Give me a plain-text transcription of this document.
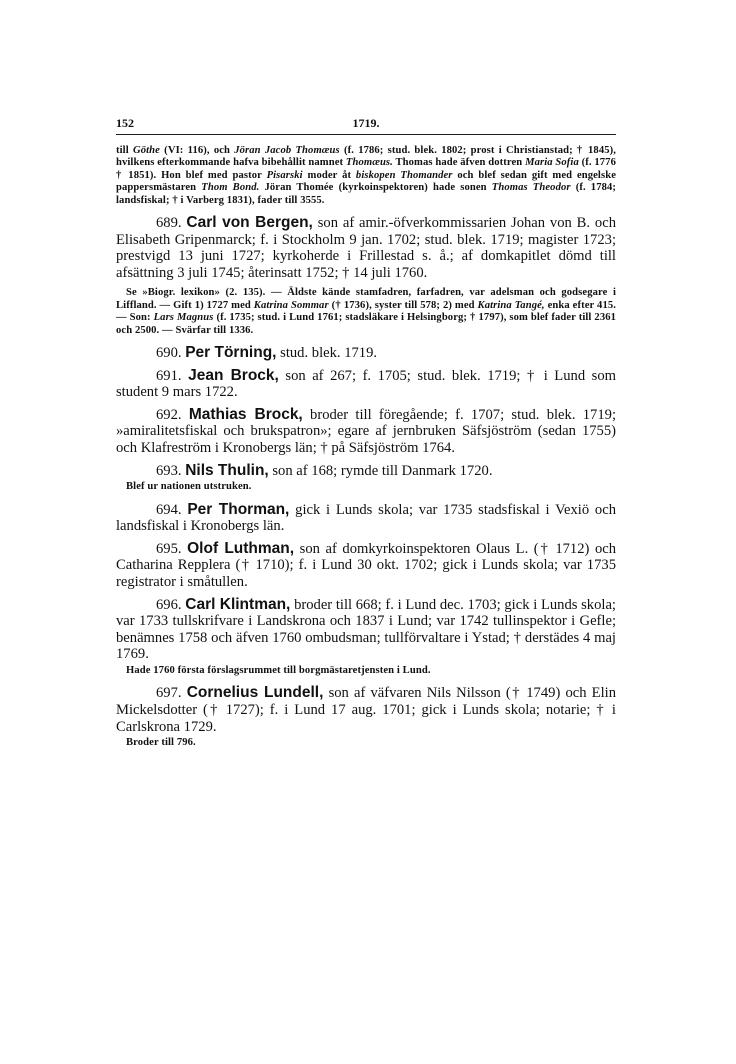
152	1719.

till Göthe (VI: 116), och Jöran Jacob Thomæus (f. 1786; stud. blek. 1802; prost i Christianstad; † 1845), hvilkens efterkommande hafva bibehållit namnet Thomæus. Thomas hade äfven dottren Maria Sofia (f. 1776 † 1851). Hon blef med pastor Pisarski moder åt biskopen Thomander och blef sedan gift med engelske pappersmästaren Thom Bond. Jöran Thomée (kyrkoinspektoren) hade sonen Thomas Theodor (f. 1784; landsfiskal; † i Varberg 1831), fader till 3555.

689. Carl von Bergen, son af amir.-öfverkommissarien Johan von B. och Elisabeth Gripenmarck; f. i Stockholm 9 jan. 1702; stud. blek. 1719; magister 1723; prestvigd 13 juni 1727; kyrkoherde i Frillestad s. å.; af domkapitlet dömd till afsättning 3 juli 1745; återinsatt 1752; † 14 juli 1760.

Se »Biogr. lexikon» (2. 135). — Äldste kände stamfadren, farfadren, var adelsman och godsegare i Liffland. — Gift 1) 1727 med Katrina Sommar († 1736), syster till 578; 2) med Katrina Tangé, enka efter 415. — Son: Lars Magnus (f. 1735; stud. i Lund 1761; stadsläkare i Helsingborg; † 1797), som blef fader till 2361 och 2500. — Svärfar till 1336.

690. Per Törning, stud. blek. 1719.

691. Jean Brock, son af 267; f. 1705; stud. blek. 1719; † i Lund som student 9 mars 1722.

692. Mathias Brock, broder till föregående; f. 1707; stud. blek. 1719; »amiralitetsfiskal och brukspatron»; egare af jernbruken Säfsjöström (sedan 1755) och Klafreström i Kronobergs län; † på Säfsjöström 1764.

693. Nils Thulin, son af 168; rymde till Danmark 1720.

Blef ur nationen utstruken.

694. Per Thorman, gick i Lunds skola; var 1735 stadsfiskal i Vexiö och landsfiskal i Kronobergs län.

695. Olof Luthman, son af domkyrkoinspektoren Olaus L. († 1712) och Catharina Repplera († 1710); f. i Lund 30 okt. 1702; gick i Lunds skola; var 1735 registrator i småtullen.

696. Carl Klintman, broder till 668; f. i Lund dec. 1703; gick i Lunds skola; var 1733 tullskrifvare i Landskrona och 1837 i Lund; var 1742 tullinspektor i Gefle; benämnes 1758 och äfven 1760 ombudsman; tullförvaltare i Ystad; † derstädes 4 maj 1769.

Hade 1760 första förslagsrummet till borgmästaretjensten i Lund.

697. Cornelius Lundell, son af väfvaren Nils Nilsson († 1749) och Elin Mickelsdotter († 1727); f. i Lund 17 aug. 1701; gick i Lunds skola; notarie; † i Carlskrona 1729.

Broder till 796.
